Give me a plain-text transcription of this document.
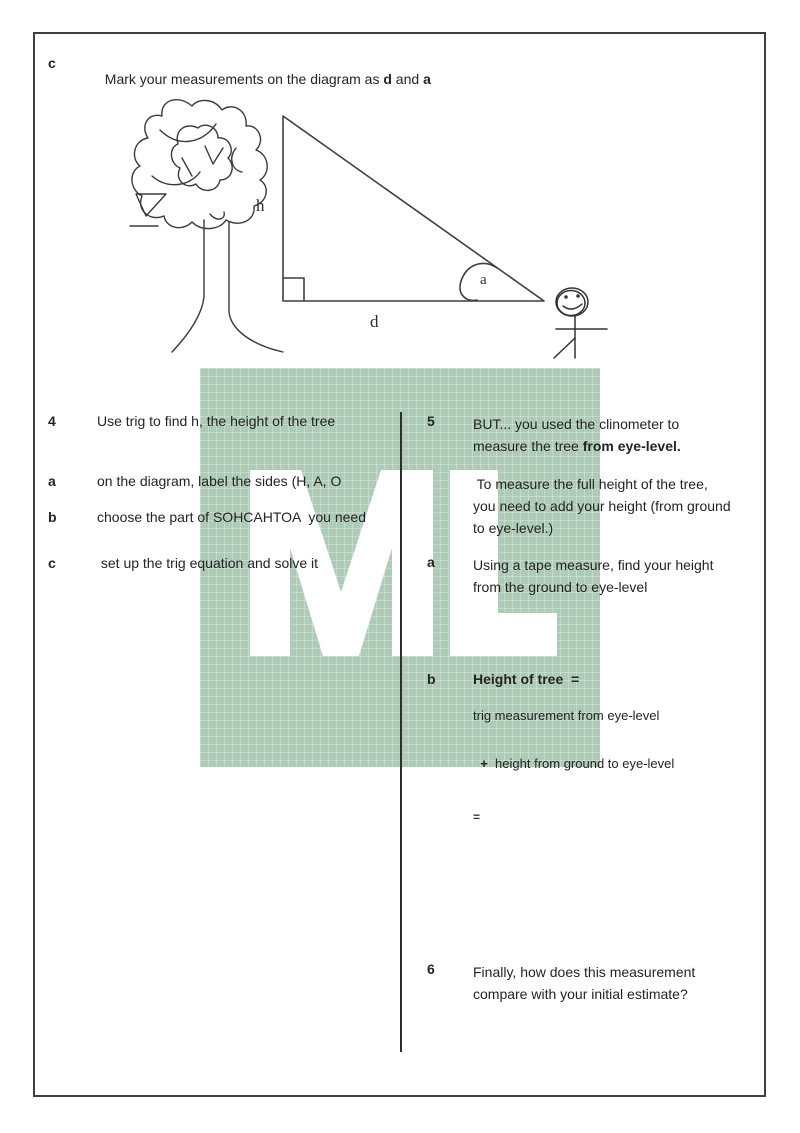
h
d
a
c

Mark your measurements on the diagram as d and a

4	Use trig to find h, the height of the tree
a	on the diagram, label the sides (H, A, O
b	choose the part of SOHCAHTOA  you need
c	set up the trig equation and solve it
5	BUT... you used the clinometer to
measure the tree from eye-level.
To measure the full height of the tree,
you need to add your height (from ground
to eye-level.)
a	Using a tape measure, find your height
from the ground to eye-level
b	Height of tree  =
trig measurement from eye-level

+  height from ground to eye-level

=
6	Finally, how does this measurement
compare with your initial estimate?
